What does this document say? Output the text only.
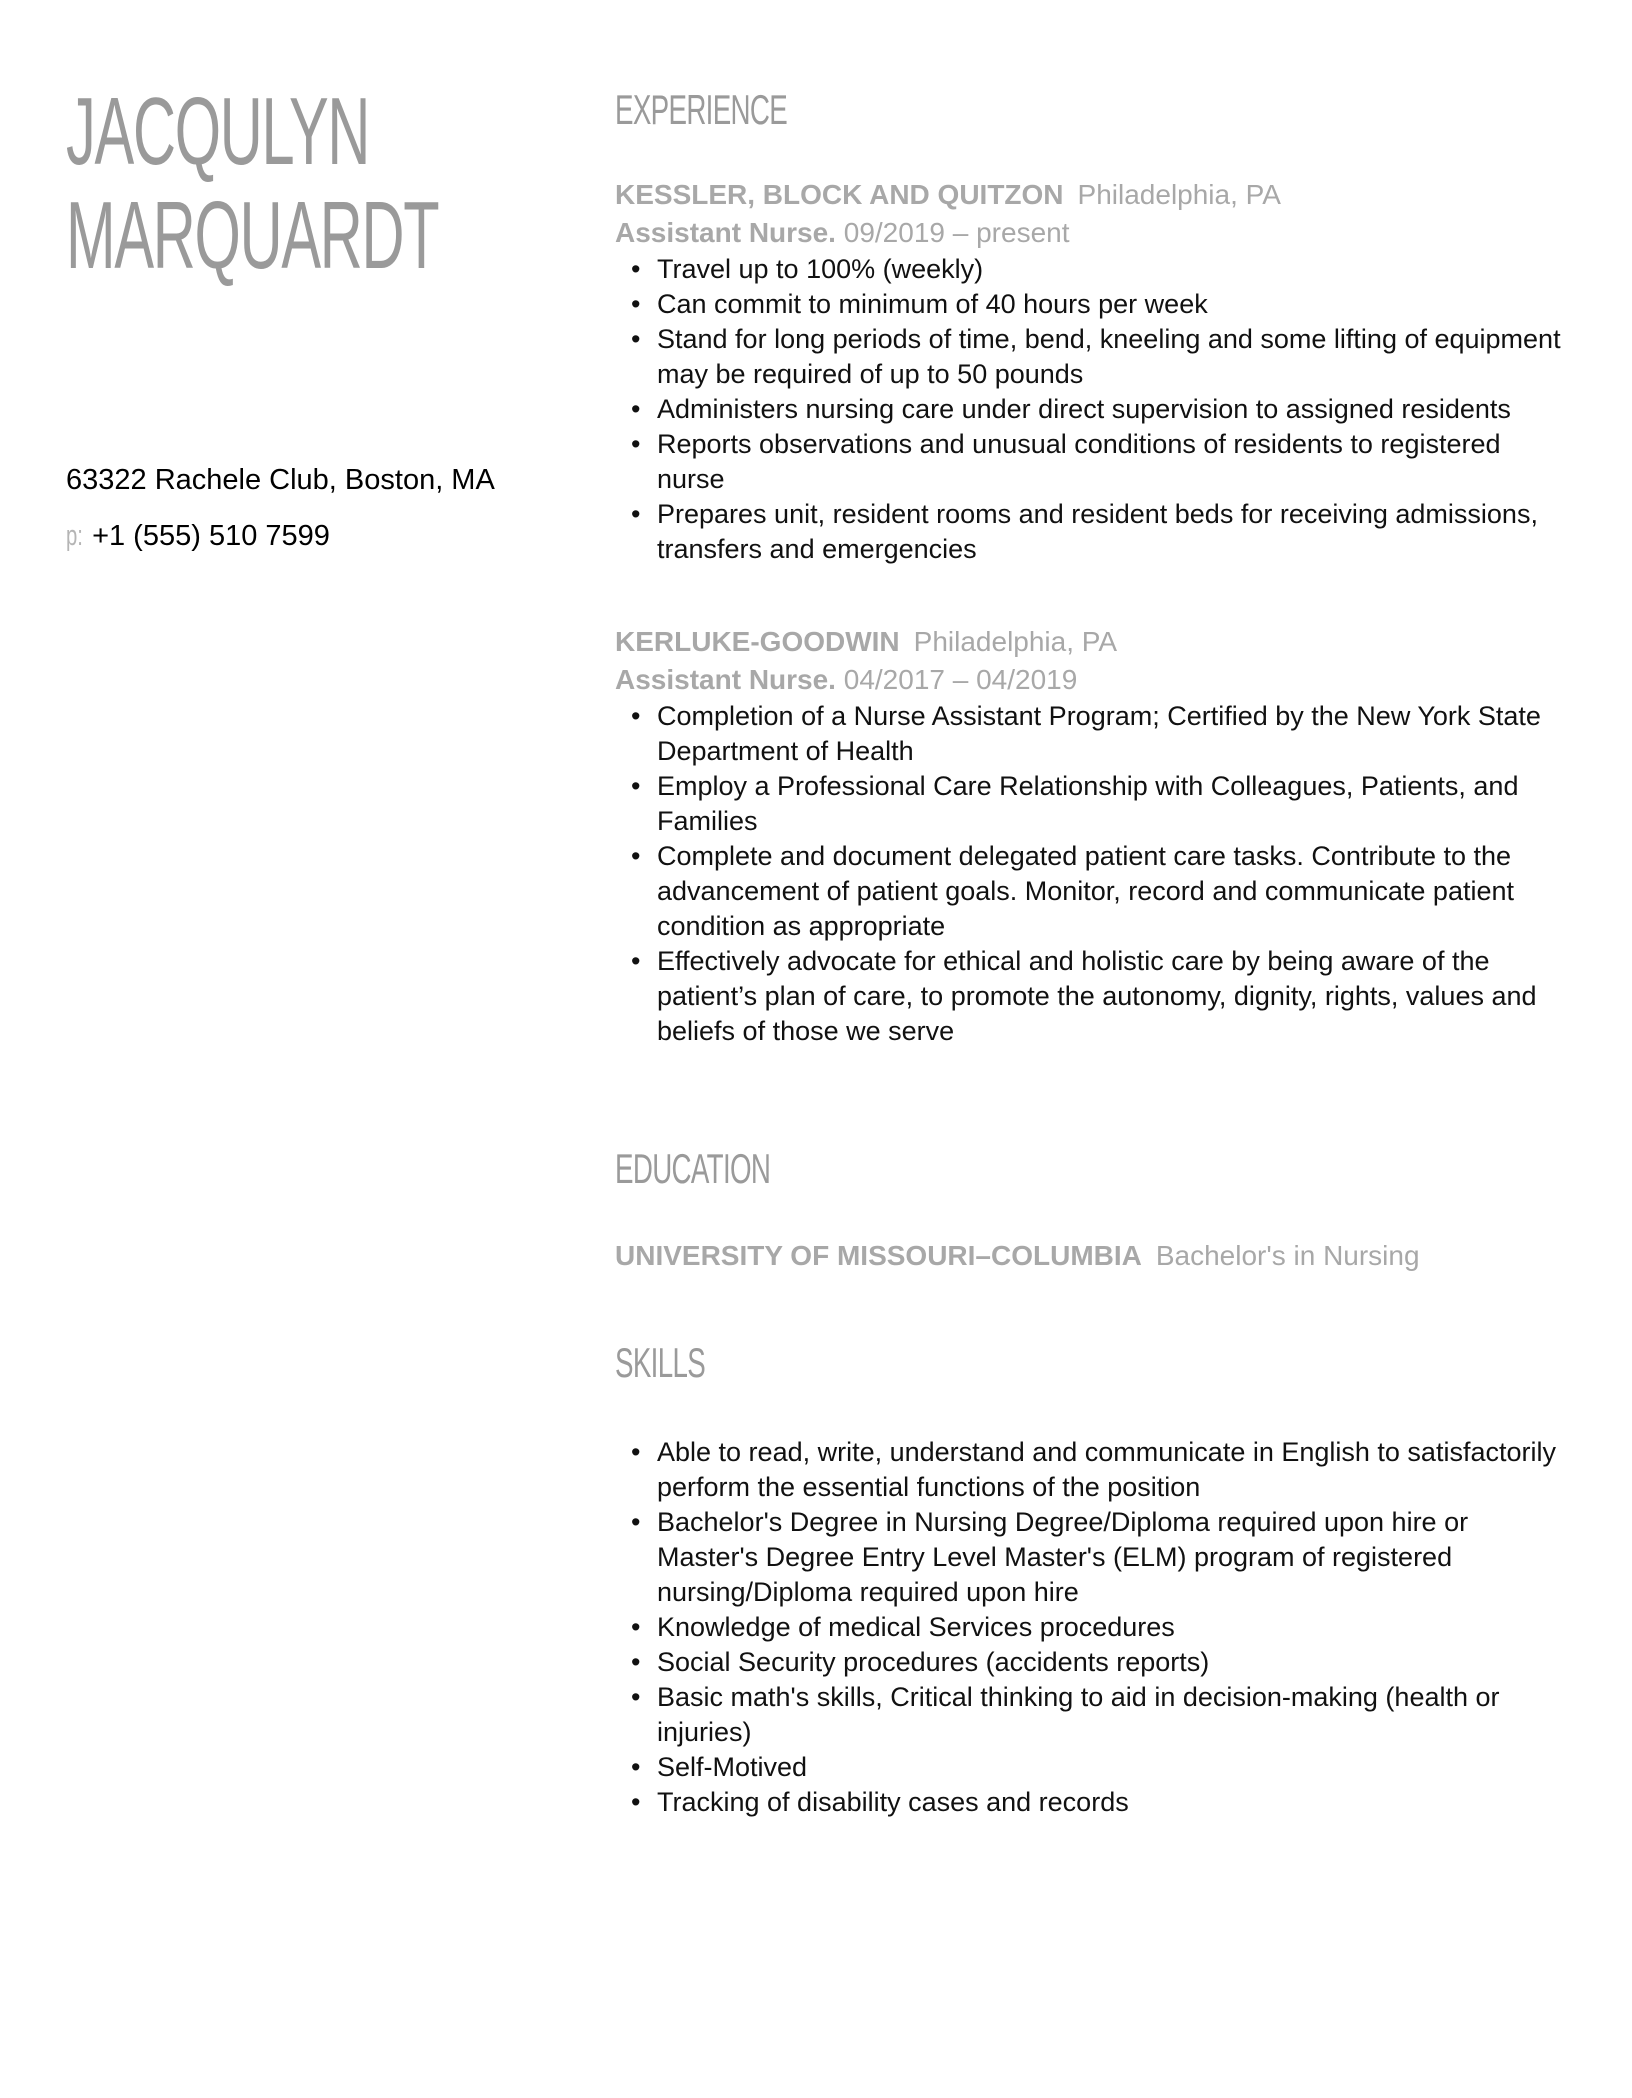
JACQULYN
MARQUARDT
63322 Rachele Club, Boston, MA
p: +1 (555) 510 7599
EXPERIENCE
KESSLER, BLOCK AND QUITZON Philadelphia, PA
Assistant Nurse. 09/2019 – present
• Travel up to 100% (weekly)
• Can commit to minimum of 40 hours per week
• Stand for long periods of time, bend, kneeling and some lifting of equipment may be required of up to 50 pounds
• Administers nursing care under direct supervision to assigned residents
• Reports observations and unusual conditions of residents to registered nurse
• Prepares unit, resident rooms and resident beds for receiving admissions, transfers and emergencies
KERLUKE-GOODWIN Philadelphia, PA
Assistant Nurse. 04/2017 – 04/2019
• Completion of a Nurse Assistant Program; Certified by the New York State Department of Health
• Employ a Professional Care Relationship with Colleagues, Patients, and Families
• Complete and document delegated patient care tasks. Contribute to the advancement of patient goals. Monitor, record and communicate patient condition as appropriate
• Effectively advocate for ethical and holistic care by being aware of the patient’s plan of care, to promote the autonomy, dignity, rights, values and beliefs of those we serve
EDUCATION
UNIVERSITY OF MISSOURI–COLUMBIA Bachelor's in Nursing
SKILLS
• Able to read, write, understand and communicate in English to satisfactorily perform the essential functions of the position
• Bachelor's Degree in Nursing Degree/Diploma required upon hire or Master's Degree Entry Level Master's (ELM) program of registered nursing/Diploma required upon hire
• Knowledge of medical Services procedures
• Social Security procedures (accidents reports)
• Basic math's skills, Critical thinking to aid in decision-making (health or injuries)
• Self-Motived
• Tracking of disability cases and records
